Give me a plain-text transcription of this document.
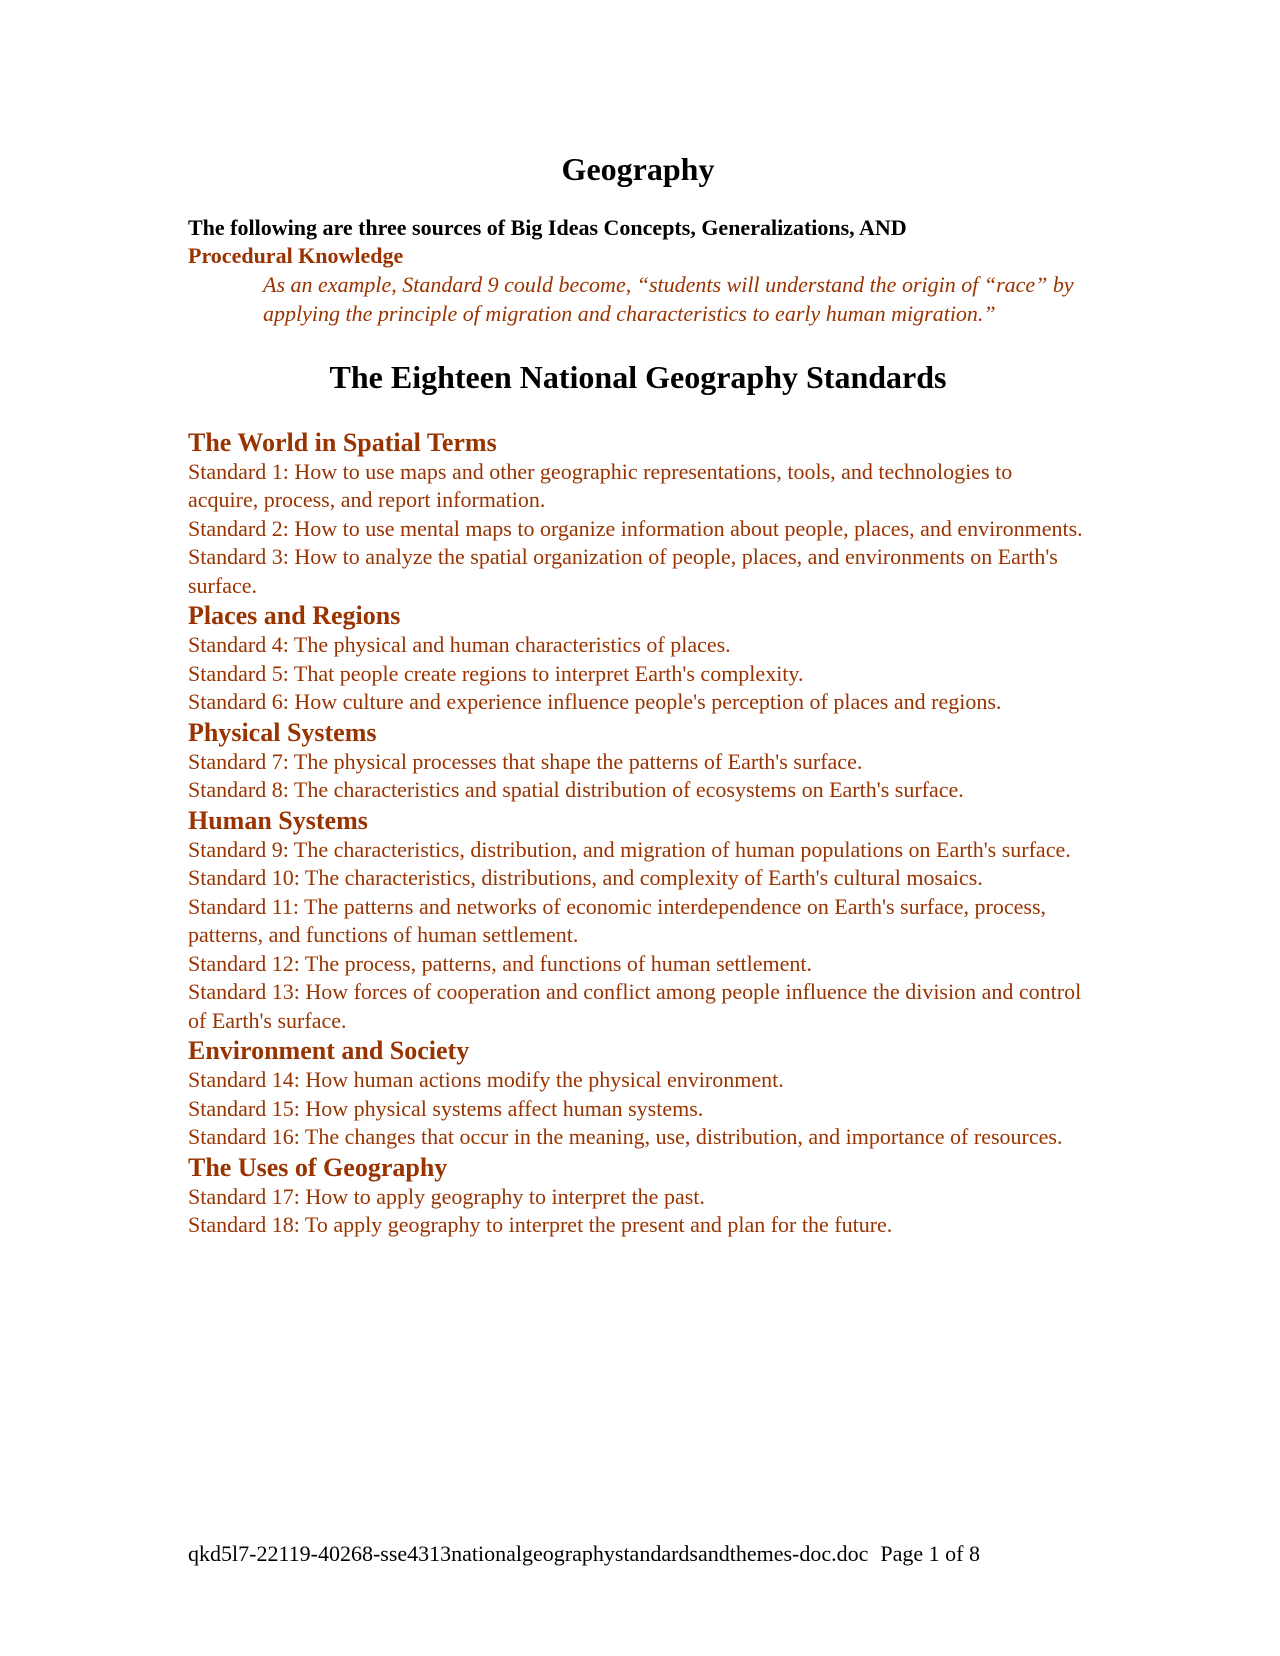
Geography

The following are three sources of Big Ideas Concepts, Generalizations, AND

Procedural Knowledge

As an example, Standard 9 could become, “students will understand the origin of “race” by applying the principle of migration and characteristics to early human migration.”

The Eighteen National Geography Standards
The World in Spatial Terms

Standard 1: How to use maps and other geographic representations, tools, and technologies to acquire, process, and report information.

Standard 2: How to use mental maps to organize information about people, places, and environments.

Standard 3: How to analyze the spatial organization of people, places, and environments on Earth's surface.

Places and Regions

Standard 4: The physical and human characteristics of places.

Standard 5: That people create regions to interpret Earth's complexity.

Standard 6: How culture and experience influence people's perception of places and regions.

Physical Systems

Standard 7: The physical processes that shape the patterns of Earth's surface.

Standard 8: The characteristics and spatial distribution of ecosystems on Earth's surface.

Human Systems

Standard 9: The characteristics, distribution, and migration of human populations on Earth's surface.

Standard 10: The characteristics, distributions, and complexity of Earth's cultural mosaics.

Standard 11: The patterns and networks of economic interdependence on Earth's surface, process, patterns, and functions of human settlement.

Standard 12: The process, patterns, and functions of human settlement.

Standard 13: How forces of cooperation and conflict among people influence the division and control of Earth's surface.

Environment and Society

Standard 14: How human actions modify the physical environment.

Standard 15: How physical systems affect human systems.

Standard 16: The changes that occur in the meaning, use, distribution, and importance of resources.

The Uses of Geography

Standard 17: How to apply geography to interpret the past.

Standard 18: To apply geography to interpret the present and plan for the future.

qkd5l7-22119-40268-sse4313nationalgeographystandardsandthemes-doc.doc Page 1 of 8
